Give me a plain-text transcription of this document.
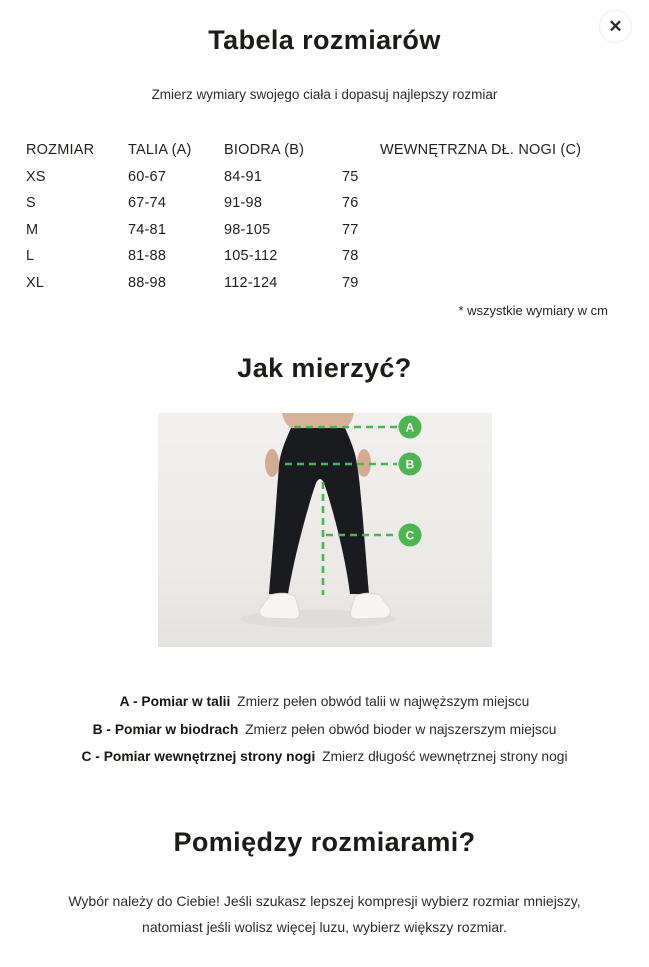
✕
Tabela rozmiarów
Zmierz wymiary swojego ciała i dopasuj najlepszy rozmiar
ROZMIAR	TALIA (A)	BIODRA (B)	WEWNĘTRZNA DŁ. NOGI (C)
XS	60-67	84-91	75
S	67-74	91-98	76
M	74-81	98-105	77
L	81-88	105-112	78
XL	88-98	112-124	79
* wszystkie wymiary w cm
Jak mierzyć?
A
B
C
A - Pomiar w talii Zmierz pełen obwód talii w najwęższym miejscu
B - Pomiar w biodrach Zmierz pełen obwód bioder w najszerszym miejscu
C - Pomiar wewnętrznej strony nogi Zmierz długość wewnętrznej strony nogi
Pomiędzy rozmiarami?
Wybór należy do Ciebie! Jeśli szukasz lepszej kompresji wybierz rozmiar mniejszy, natomiast jeśli wolisz więcej luzu, wybierz większy rozmiar.
